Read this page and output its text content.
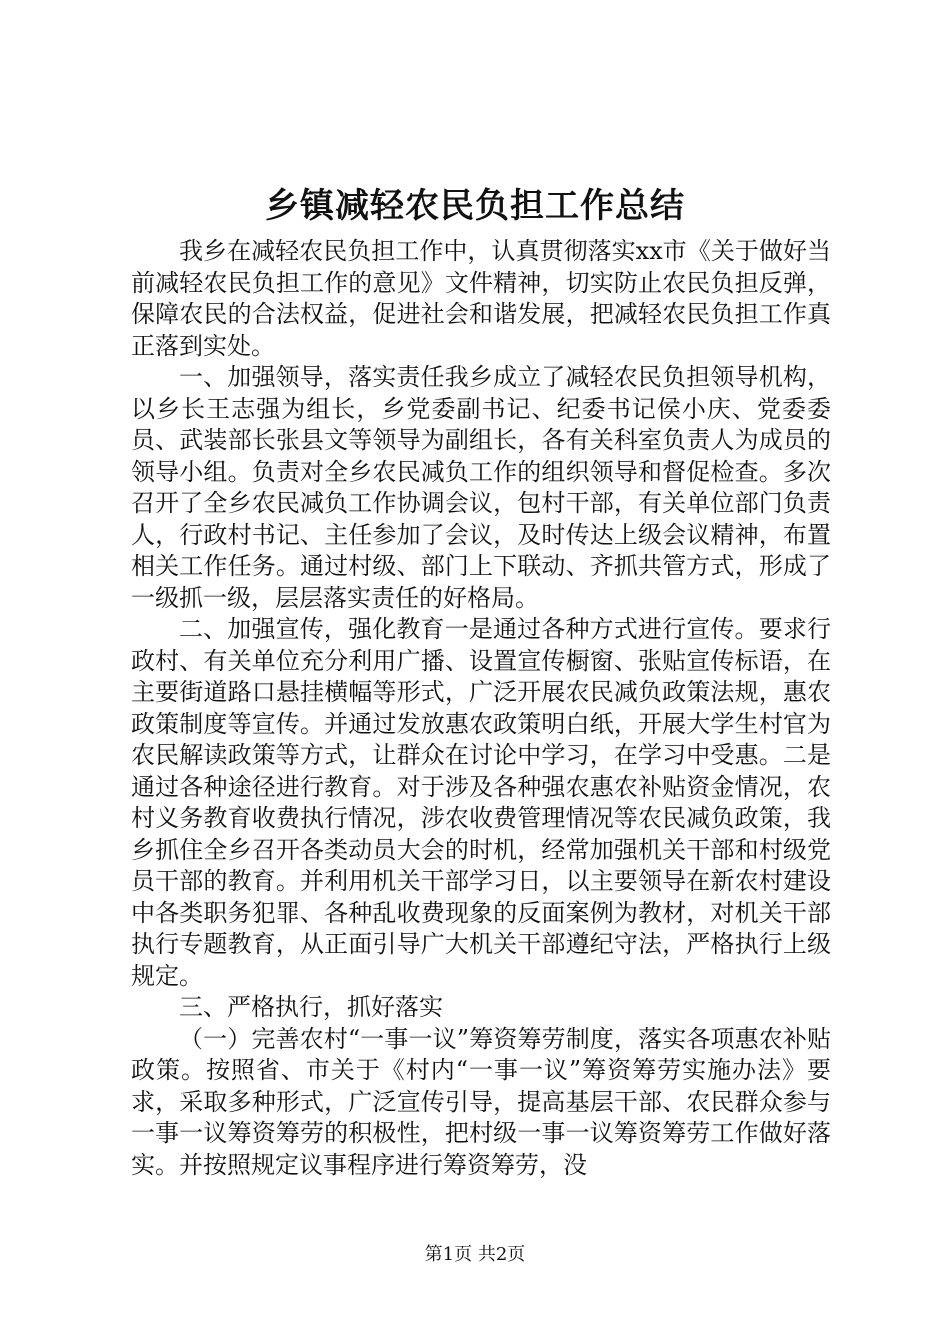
乡镇减轻农民负担工作总结

我乡在减轻农民负担工作中，认真贯彻落实xx市《关于做好当前减轻农民负担工作的意见》文件精神，切实防止农民负担反弹，保障农民的合法权益，促进社会和谐发展，把减轻农民负担工作真正落到实处。

一、加强领导，落实责任我乡成立了减轻农民负担领导机构，以乡长王志强为组长，乡党委副书记、纪委书记侯小庆、党委委员、武装部长张县文等领导为副组长，各有关科室负责人为成员的领导小组。负责对全乡农民减负工作的组织领导和督促检查。多次召开了全乡农民减负工作协调会议，包村干部，有关单位部门负责人，行政村书记、主任参加了会议，及时传达上级会议精神，布置相关工作任务。通过村级、部门上下联动、齐抓共管方式，形成了一级抓一级，层层落实责任的好格局。

二、加强宣传，强化教育一是通过各种方式进行宣传。要求行政村、有关单位充分利用广播、设置宣传橱窗、张贴宣传标语，在主要街道路口悬挂横幅等形式，广泛开展农民减负政策法规，惠农政策制度等宣传。并通过发放惠农政策明白纸，开展大学生村官为农民解读政策等方式，让群众在讨论中学习，在学习中受惠。二是通过各种途径进行教育。对于涉及各种强农惠农补贴资金情况，农村义务教育收费执行情况，涉农收费管理情况等农民减负政策，我乡抓住全乡召开各类动员大会的时机，经常加强机关干部和村级党员干部的教育。并利用机关干部学习日，以主要领导在新农村建设中各类职务犯罪、各种乱收费现象的反面案例为教材，对机关干部执行专题教育，从正面引导广大机关干部遵纪守法，严格执行上级规定。

三、严格执行，抓好落实

（一）完善农村“一事一议”筹资筹劳制度，落实各项惠农补贴政策。按照省、市关于《村内“一事一议”筹资筹劳实施办法》要求，采取多种形式，广泛宣传引导，提高基层干部、农民群众参与一事一议筹资筹劳的积极性，把村级一事一议筹资筹劳工作做好落实。并按照规定议事程序进行筹资筹劳，没

第1页 共2页
